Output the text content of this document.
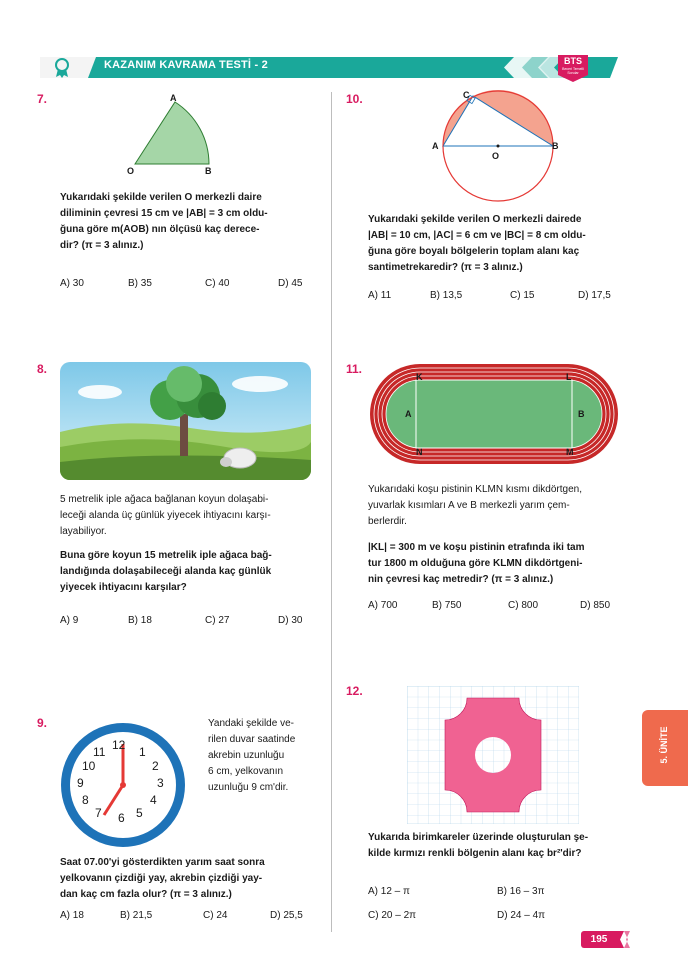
KAZANIM KAVRAMA TESTİ - 2	BTS
Beceri Temelli Sorular
7.	A
O	B
Yukarıdaki şekilde verilen O merkezli daire
diliminin çevresi 15 cm ve |AB| = 3 cm oldu-
ğuna göre m(AOB) nın ölçüsü kaç derece-
dir? (π = 3 alınız.)
A) 30	B) 35	C) 40	D) 45
8.
5 metrelik iple ağaca bağlanan koyun dolaşabi-
leceği alanda üç günlük yiyecek ihtiyacını karşı-
layabiliyor.
Buna göre koyun 15 metrelik iple ağaca bağ-
landığında dolaşabileceği alanda kaç günlük
yiyecek ihtiyacını karşılar?
A) 9	B) 18	C) 27	D) 30
9.
12 1
2
3
4
5
6
7
8
9
10
11
Yandaki şekilde ve-
rilen duvar saatinde
akrebin uzunluğu
6 cm, yelkovanın
uzunluğu 9 cm'dir.
Saat 07.00'yi gösterdikten yarım saat sonra
yelkovanın çizdiği yay, akrebin çizdiği yay-
dan kaç cm fazla olur? (π = 3 alınız.)
A) 18	B) 21,5	C) 24	D) 25,5
10.	C
A
O
B
Yukarıdaki şekilde verilen O merkezli dairede
|AB| = 10 cm, |AC| = 6 cm ve |BC| = 8 cm oldu-
ğuna göre boyalı bölgelerin toplam alanı kaç
santimetrekaredir? (π = 3 alınız.)
A) 11	B) 13,5	C) 15	D) 17,5
11.
K	L
A	B
N	M
Yukarıdaki koşu pistinin KLMN kısmı dikdörtgen,
yuvarlak kısımları A ve B merkezli yarım çem-
berlerdir.
|KL| = 300 m ve koşu pistinin etrafında iki tam
tur 1800 m olduğuna göre KLMN dikdörtgeni-
nin çevresi kaç metredir? (π = 3 alınız.)
A) 700	B) 750	C) 800	D) 850
12.
Yukarıda birimkareler üzerinde oluşturulan şe-
kilde kırmızı renkli bölgenin alanı kaç br²'dir?
A) 12 – π	B) 16 – 3π
C) 20 – 2π	D) 24 – 4π
5. ÜNİTE
195
